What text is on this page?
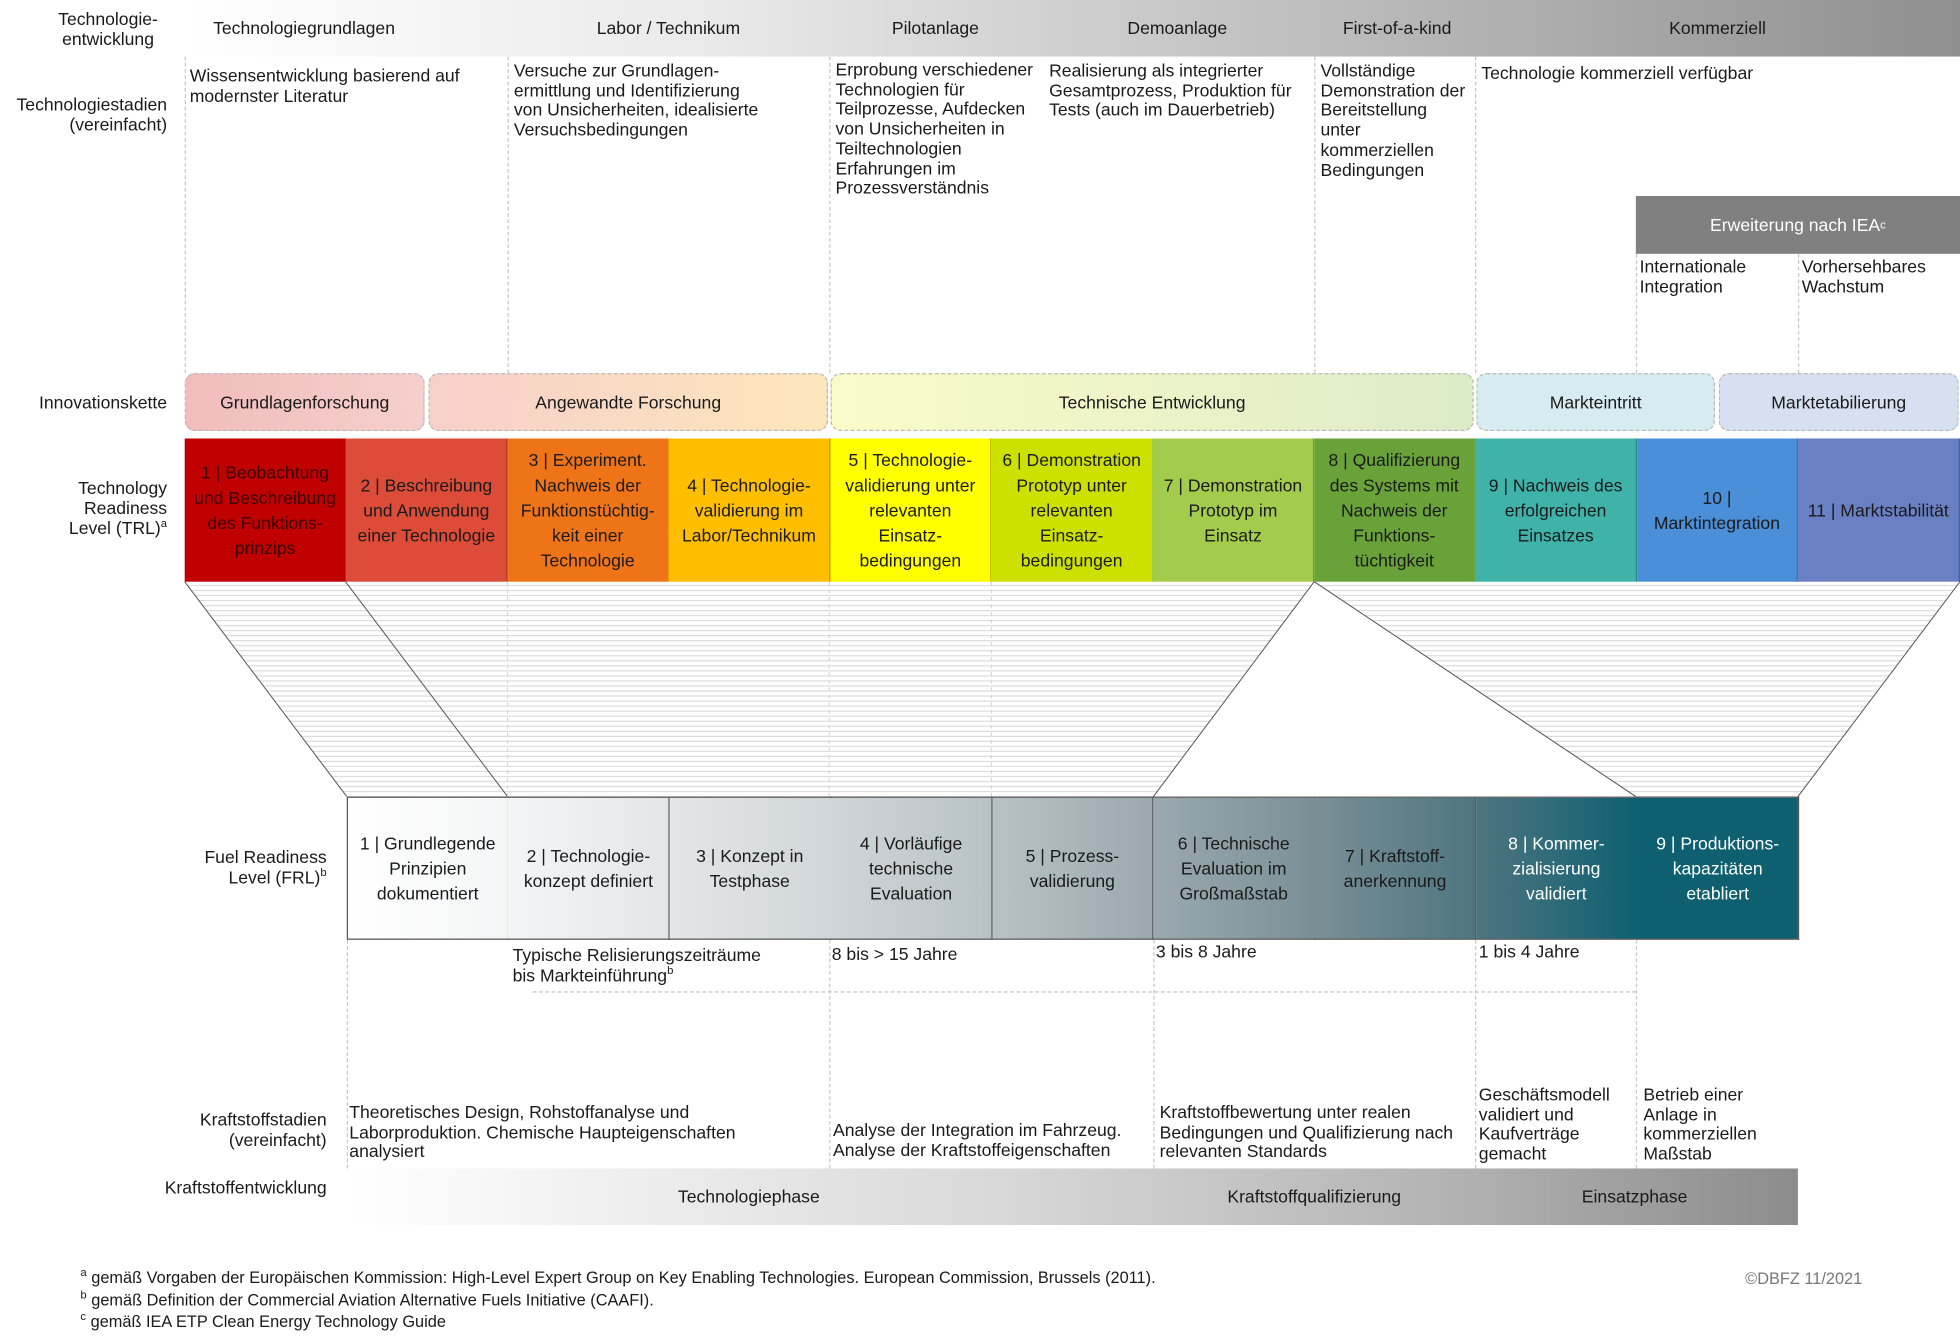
Technologie-
entwicklung
Technologiestadien
(vereinfacht)
Innovationskette
Technology
Readiness
Level (TRL)$^a$
Fuel Readiness
Level (FRL)$^b$
Kraftstoffstadien
(vereinfacht)
Kraftstoffentwicklung
Technologiegrundlagen	Labor / Technikum	Pilotanlage	Demoanlage	First-of-a-kind	Kommerziell
Wissensentwicklung basierend auf
modernster Literatur
Versuche zur Grundlagen-
ermittlung und Identifizierung
von Unsicherheiten, idealisierte
Versuchsbedingungen
Erprobung verschiedener
Technologien für
Teilprozesse, Aufdecken
von Unsicherheiten in
Teiltechnologien
Erfahrungen im
Prozessverständnis
Realisierung als integrierter
Gesamtprozess, Produktion für
Tests (auch im Dauerbetrieb)
Vollständige
Demonstration der
Bereitstellung
unter
kommerziellen
Bedingungen
Technologie kommerziell verfügbar
Erweiterung nach IEA c
Internationale
Integration
Vorhersehbares
Wachstum
Grundlagenforschung	Angewandte Forschung	Technische Entwicklung	Markteintritt	Marktetabilierung
1 | Beobachtung
und Beschreibung
des Funktions-
prinzips
2 | Beschreibung
und Anwendung
einer Technologie
3 | Experiment.
Nachweis der
Funktionstüchtig-
keit einer
Technologie
4 | Technologie-
validierung im
Labor/Technikum
5 | Technologie-
validierung unter
relevanten
Einsatz-
bedingungen
6 | Demonstration
Prototyp unter
relevanten
Einsatz-
bedingungen
7 | Demonstration
Prototyp im
Einsatz
8 | Qualifizierung
des Systems mit
Nachweis der
Funktions-
tüchtigkeit
9 | Nachweis des
erfolgreichen
Einsatzes
10 |
Marktintegration
11 | Marktstabilität
1 | Grundlegende
Prinzipien
dokumentiert
2 | Technologie-
konzept definiert
3 | Konzept in
Testphase
4 | Vorläufige
technische
Evaluation
5 | Prozess-
validierung
6 | Technische
Evaluation im
Großmaßstab
7 | Kraftstoff-
anerkennung
8 | Kommer-
zialisierung
validiert
9 | Produktions-
kapazitäten
etabliert
Typische Relisierungszeiträume
bis Markteinführung$^b$
8 bis > 15 Jahre	3 bis 8 Jahre	1 bis 4 Jahre
Theoretisches Design, Rohstoffanalyse und
Laborproduktion. Chemische Haupteigenschaften
analysiert
Analyse der Integration im Fahrzeug.
Analyse der Kraftstoffeigenschaften
Kraftstoffbewertung unter realen
Bedingungen und Qualifizierung nach
relevanten Standards
Geschäftsmodell
validiert und
Kaufverträge
gemacht
Betrieb einer
Anlage in
kommerziellen
Maßstab
Technologiephase	Kraftstoffqualifizierung	Einsatzphase
$^a$ gemäß Vorgaben der Europäischen Kommission: High-Level Expert Group on Key Enabling Technologies. European Commission, Brussels (2011).
$^b$ gemäß Definition der Commercial Aviation Alternative Fuels Initiative (CAAFI).
$^c$ gemäß IEA ETP Clean Energy Technology Guide
©DBFZ 11/2021
